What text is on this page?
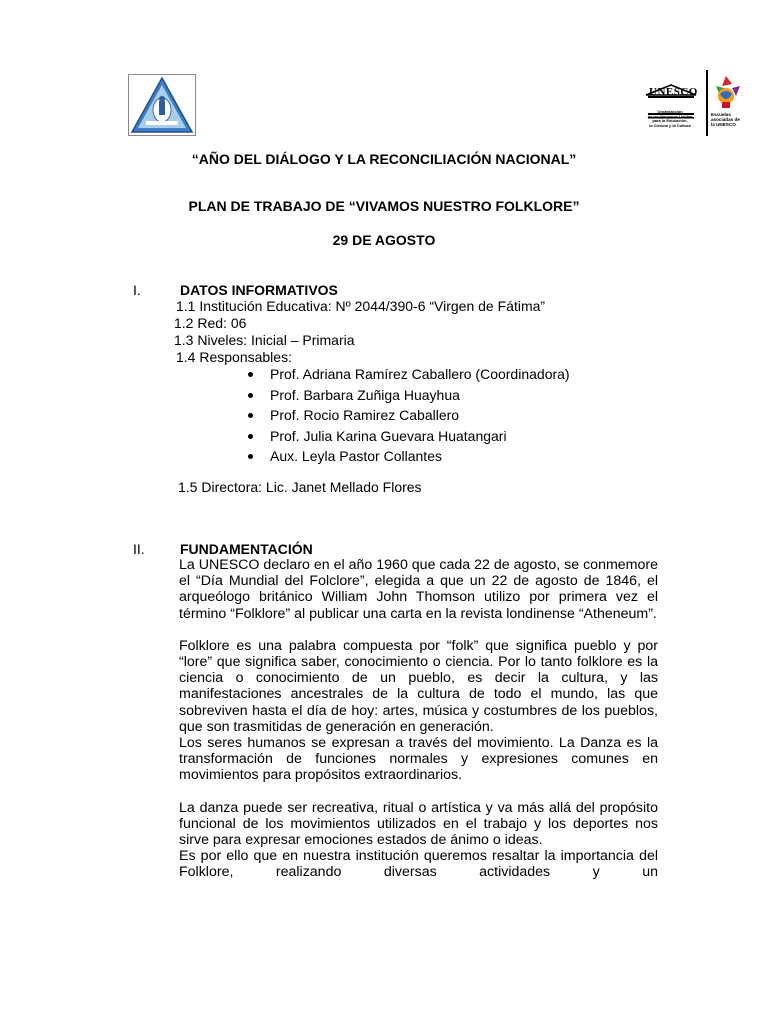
UNESCO
Organización
de las Naciones Unidas
para la Educación,
la Ciencia y la Cultura
Escuelas
asociadas de
la UNESCO
“AÑO DEL DIÁLOGO Y LA RECONCILIACIÓN NACIONAL”
PLAN DE TRABAJO DE “VIVAMOS NUESTRO FOLKLORE”
29 DE AGOSTO
I.	DATOS INFORMATIVOS
1.1 Institución Educativa: Nº 2044/390-6 “Virgen de Fátima”
1.2 Red: 06
1.3 Niveles: Inicial – Primaria
1.4 Responsables:
Prof. Adriana Ramírez Caballero (Coordinadora)
Prof. Barbara Zuñiga Huayhua
Prof. Rocio Ramirez Caballero
Prof. Julia Karina Guevara Huatangari
Aux. Leyla Pastor Collantes
1.5 Directora: Lic. Janet Mellado Flores
II.	FUNDAMENTACIÓN

La UNESCO declaro en el año 1960 que cada 22 de agosto, se conmemore el “Día Mundial del Folclore”, elegida a que un 22 de agosto de 1846, el arqueólogo británico William John Thomson utilizo por primera vez el término “Folklore” al publicar una carta en la revista londinense “Atheneum”.

Folklore es una palabra compuesta por “folk” que significa pueblo y por “lore” que significa saber, conocimiento o ciencia. Por lo tanto folklore es la ciencia o conocimiento de un pueblo, es decir la cultura, y las manifestaciones ancestrales de la cultura de todo el mundo, las que sobreviven hasta el día de hoy: artes, música y costumbres de los pueblos, que son trasmitidas de generación en generación.

Los seres humanos se expresan a través del movimiento. La Danza es la transformación de funciones normales y expresiones comunes en movimientos para propósitos extraordinarios.

La danza puede ser recreativa, ritual o artística y va más allá del propósito funcional de los movimientos utilizados en el trabajo y los deportes nos sirve para expresar emociones estados de ánimo o ideas.

Es por ello que en nuestra institución queremos resaltar la importancia del Folklore, realizando diversas actividades y un
